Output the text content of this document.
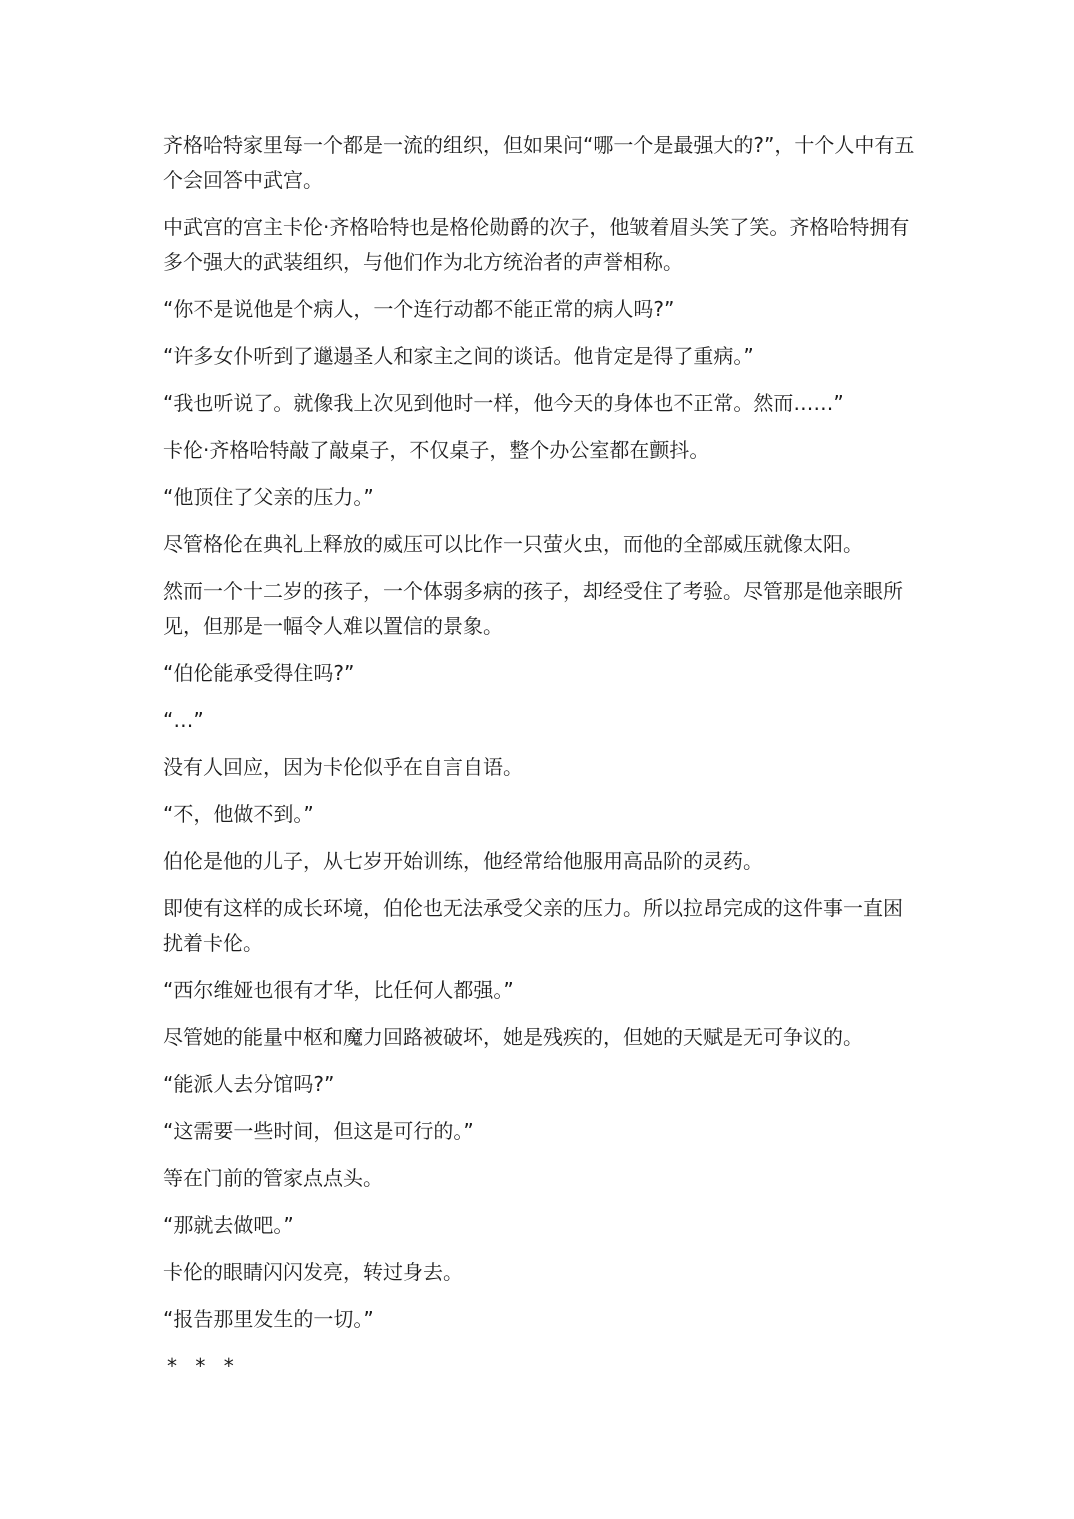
齐格哈特家里每一个都是一流的组织，但如果问“哪一个是最强大的?”，十个人中有五个会回答中武宫。

中武宫的宫主卡伦·齐格哈特也是格伦勋爵的次子，他皱着眉头笑了笑。齐格哈特拥有多个强大的武装组织，与他们作为北方统治者的声誉相称。

“你不是说他是个病人，一个连行动都不能正常的病人吗?”

“许多女仆听到了邋遢圣人和家主之间的谈话。他肯定是得了重病。”

“我也听说了。就像我上次见到他时一样，他今天的身体也不正常。然而……”

卡伦·齐格哈特敲了敲桌子，不仅桌子，整个办公室都在颤抖。

“他顶住了父亲的压力。”

尽管格伦在典礼上释放的威压可以比作一只萤火虫，而他的全部威压就像太阳。

然而一个十二岁的孩子，一个体弱多病的孩子，却经受住了考验。尽管那是他亲眼所见，但那是一幅令人难以置信的景象。

“伯伦能承受得住吗?”

“…”

没有人回应，因为卡伦似乎在自言自语。

“不，他做不到。”

伯伦是他的儿子，从七岁开始训练，他经常给他服用高品阶的灵药。

即使有这样的成长环境，伯伦也无法承受父亲的压力。所以拉昂完成的这件事一直困扰着卡伦。

“西尔维娅也很有才华，比任何人都强。”

尽管她的能量中枢和魔力回路被破坏，她是残疾的，但她的天赋是无可争议的。

“能派人去分馆吗?”

“这需要一些时间，但这是可行的。”

等在门前的管家点点头。

“那就去做吧。”

卡伦的眼睛闪闪发亮，转过身去。

“报告那里发生的一切。”

* * *
